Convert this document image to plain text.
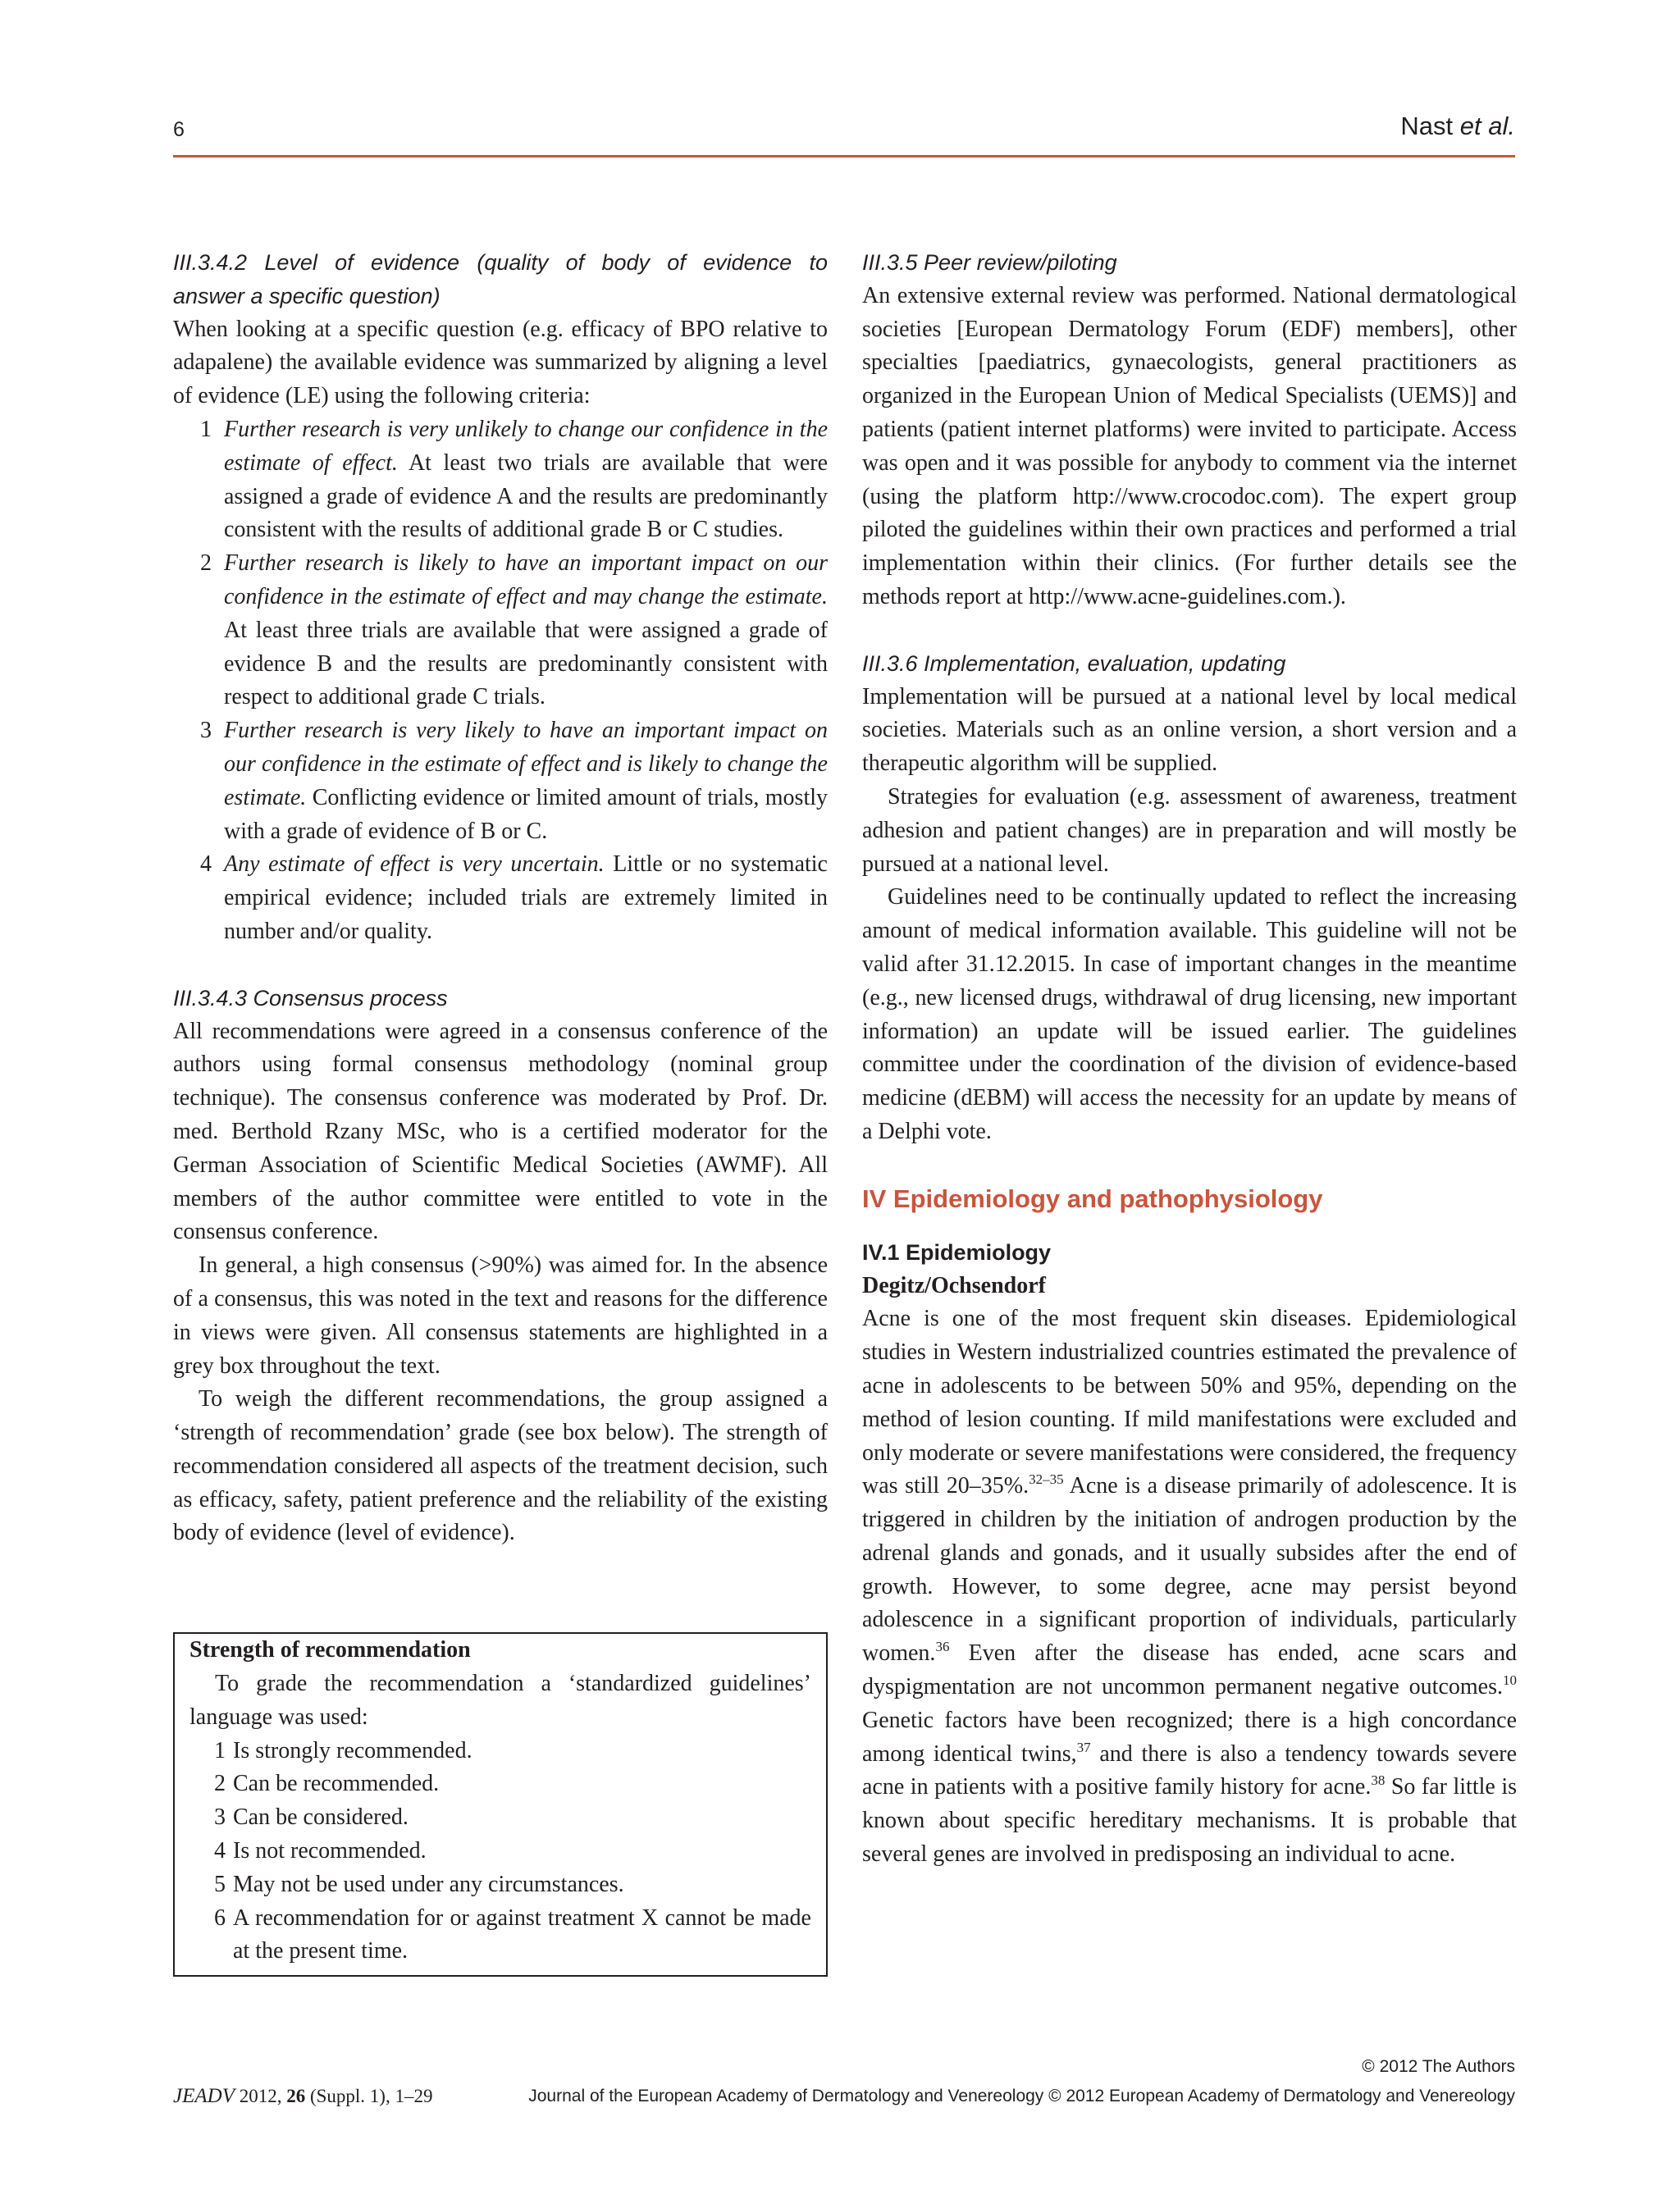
6	Nast et al.
III.3.4.2 Level of evidence (quality of body of evidence to
answer a specific question)

When looking at a specific question (e.g. efficacy of BPO relative to adapalene) the available evidence was summarized by aligning a level of evidence (LE) using the following criteria:

1 Further research is very unlikely to change our confidence in the estimate of effect. At least two trials are available that were assigned a grade of evidence A and the results are predominantly consistent with the results of additional grade B or C studies.
2 Further research is likely to have an important impact on our confidence in the estimate of effect and may change the estimate. At least three trials are available that were assigned a grade of evidence B and the results are predominantly consistent with respect to additional grade C trials.
3 Further research is very likely to have an important impact on our confidence in the estimate of effect and is likely to change the estimate. Conflicting evidence or limited amount of trials, mostly with a grade of evidence of B or C.
4 Any estimate of effect is very uncertain. Little or no systematic empirical evidence; included trials are extremely limited in number and/or quality.
III.3.4.3 Consensus process

All recommendations were agreed in a consensus conference of the authors using formal consensus methodology (nominal group technique). The consensus conference was moderated by Prof. Dr. med. Berthold Rzany MSc, who is a certified moderator for the German Association of Scientific Medical Societies (AWMF). All members of the author committee were entitled to vote in the consensus conference.

In general, a high consensus (>90%) was aimed for. In the absence of a consensus, this was noted in the text and reasons for the difference in views were given. All consensus statements are highlighted in a grey box throughout the text.

To weigh the different recommendations, the group assigned a ‘strength of recommendation’ grade (see box below). The strength of recommendation considered all aspects of the treatment decision, such as efficacy, safety, patient preference and the reliability of the existing body of evidence (level of evidence).

Strength of recommendation

To grade the recommendation a ‘standardized guidelines’ language was used:

1 Is strongly recommended.
2 Can be recommended.
3 Can be considered.
4 Is not recommended.
5 May not be used under any circumstances.
6 A recommendation for or against treatment X cannot be made at the present time.
III.3.5 Peer review/piloting

An extensive external review was performed. National dermatological societies [European Dermatology Forum (EDF) members], other specialties [paediatrics, gynaecologists, general practitioners as organized in the European Union of Medical Specialists (UEMS)] and patients (patient internet platforms) were invited to participate. Access was open and it was possible for anybody to comment via the internet (using the platform http://www.crocodoc.com). The expert group piloted the guidelines within their own practices and performed a trial implementation within their clinics. (For further details see the methods report at http://www.acne-guidelines.com.).

III.3.6 Implementation, evaluation, updating

Implementation will be pursued at a national level by local medical societies. Materials such as an online version, a short version and a therapeutic algorithm will be supplied.

Strategies for evaluation (e.g. assessment of awareness, treatment adhesion and patient changes) are in preparation and will mostly be pursued at a national level.

Guidelines need to be continually updated to reflect the increasing amount of medical information available. This guideline will not be valid after 31.12.2015. In case of important changes in the meantime (e.g., new licensed drugs, withdrawal of drug licensing, new important information) an update will be issued earlier. The guidelines committee under the coordination of the division of evidence-based medicine (dEBM) will access the necessity for an update by means of a Delphi vote.

IV Epidemiology and pathophysiology
IV.1 Epidemiology
Degitz/Ochsendorf

Acne is one of the most frequent skin diseases. Epidemiological studies in Western industrialized countries estimated the prevalence of acne in adolescents to be between 50% and 95%, depending on the method of lesion counting. If mild manifestations were excluded and only moderate or severe manifestations were considered, the frequency was still 20–35%.$^{32-35}$ Acne is a disease primarily of adolescence. It is triggered in children by the initiation of androgen production by the adrenal glands and gonads, and it usually subsides after the end of growth. However, to some degree, acne may persist beyond adolescence in a significant proportion of individuals, particularly women.$^{36}$ Even after the disease has ended, acne scars and dyspigmentation are not uncommon permanent negative outcomes.$^{10}$ Genetic factors have been recognized; there is a high concordance among identical twins,$^{37}$ and there is also a tendency towards severe acne in patients with a positive family history for acne.$^{38}$ So far little is known about specific hereditary mechanisms. It is probable that several genes are involved in predisposing an individual to acne.

© 2012 The Authors
JEADV 2012, 26 (Suppl. 1), 1–29	Journal of the European Academy of Dermatology and Venereology © 2012 European Academy of Dermatology and Venereology
